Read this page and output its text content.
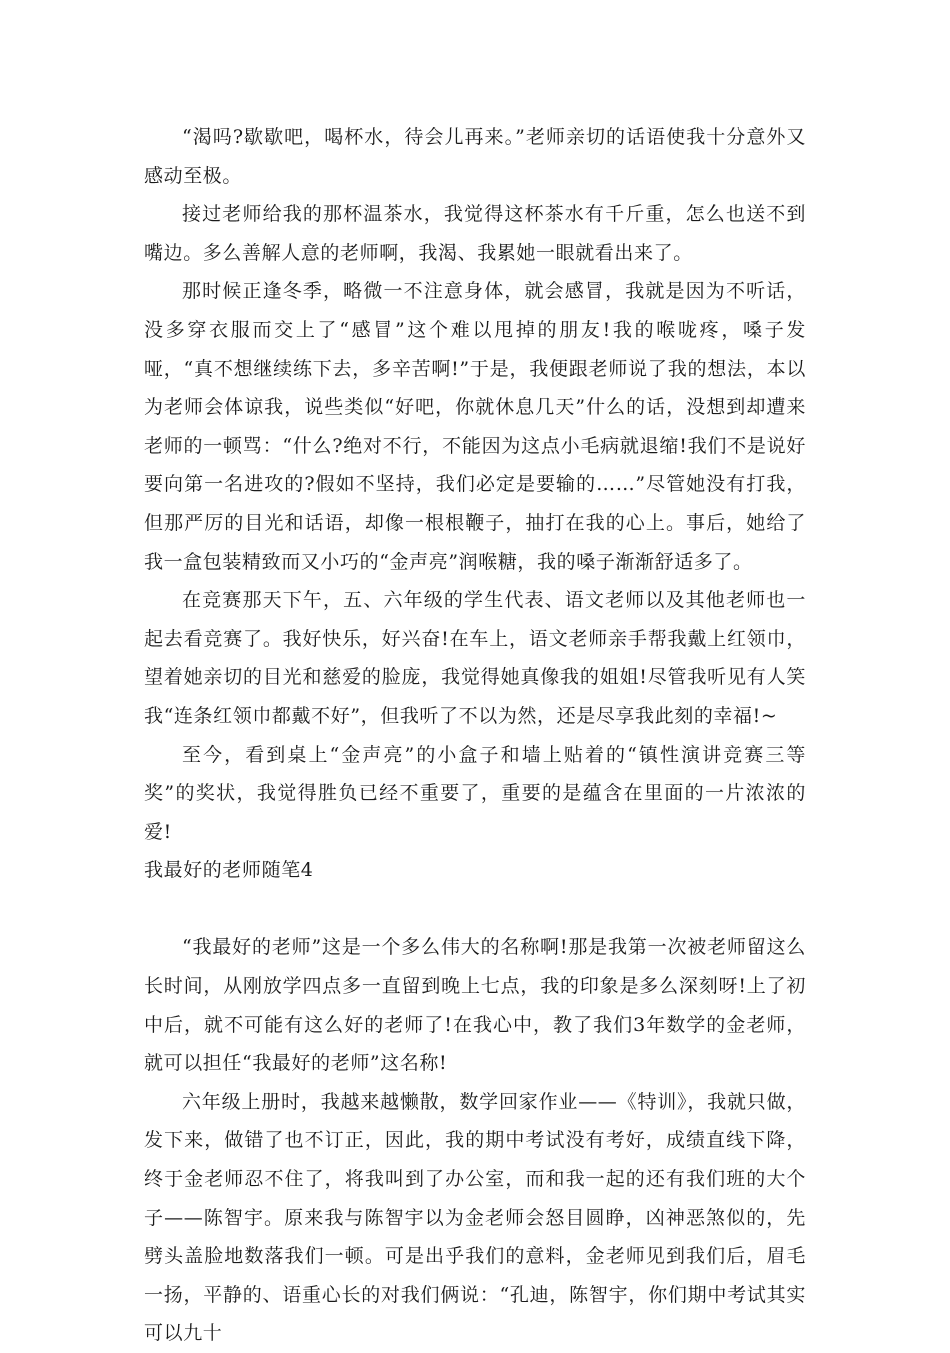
“渴吗?歇歇吧，喝杯水，待会儿再来。”老师亲切的话语使我十分意外又感动至极。

接过老师给我的那杯温茶水，我觉得这杯茶水有千斤重，怎么也送不到嘴边。多么善解人意的老师啊，我渴、我累她一眼就看出来了。

那时候正逢冬季，略微一不注意身体，就会感冒，我就是因为不听话，没多穿衣服而交上了“感冒”这个难以甩掉的朋友!我的喉咙疼，嗓子发哑，“真不想继续练下去，多辛苦啊!”于是，我便跟老师说了我的想法，本以为老师会体谅我，说些类似“好吧，你就休息几天”什么的话，没想到却遭来老师的一顿骂：“什么?绝对不行，不能因为这点小毛病就退缩!我们不是说好要向第一名进攻的?假如不坚持，我们必定是要输的……”尽管她没有打我，但那严厉的目光和话语，却像一根根鞭子，抽打在我的心上。事后，她给了我一盒包装精致而又小巧的“金声亮”润喉糖，我的嗓子渐渐舒适多了。

在竞赛那天下午，五、六年级的学生代表、语文老师以及其他老师也一起去看竞赛了。我好快乐，好兴奋!在车上，语文老师亲手帮我戴上红领巾，望着她亲切的目光和慈爱的脸庞，我觉得她真像我的姐姐!尽管我听见有人笑我“连条红领巾都戴不好”，但我听了不以为然，还是尽享我此刻的幸福!~

至今，看到桌上“金声亮”的小盒子和墙上贴着的“镇性演讲竞赛三等奖”的奖状，我觉得胜负已经不重要了，重要的是蕴含在里面的一片浓浓的爱!

我最好的老师随笔4

“我最好的老师”这是一个多么伟大的名称啊!那是我第一次被老师留这么长时间，从刚放学四点多一直留到晚上七点，我的印象是多么深刻呀!上了初中后，就不可能有这么好的老师了!在我心中，教了我们3年数学的金老师，就可以担任“我最好的老师”这名称!

六年级上册时，我越来越懒散，数学回家作业——《特训》，我就只做，发下来，做错了也不订正，因此，我的期中考试没有考好，成绩直线下降，终于金老师忍不住了，将我叫到了办公室，而和我一起的还有我们班的大个子——陈智宇。原来我与陈智宇以为金老师会怒目圆睁，凶神恶煞似的，先劈头盖脸地数落我们一顿。可是出乎我们的意料，金老师见到我们后，眉毛一扬，平静的、语重心长的对我们俩说：“孔迪，陈智宇，你们期中考试其实可以九十
